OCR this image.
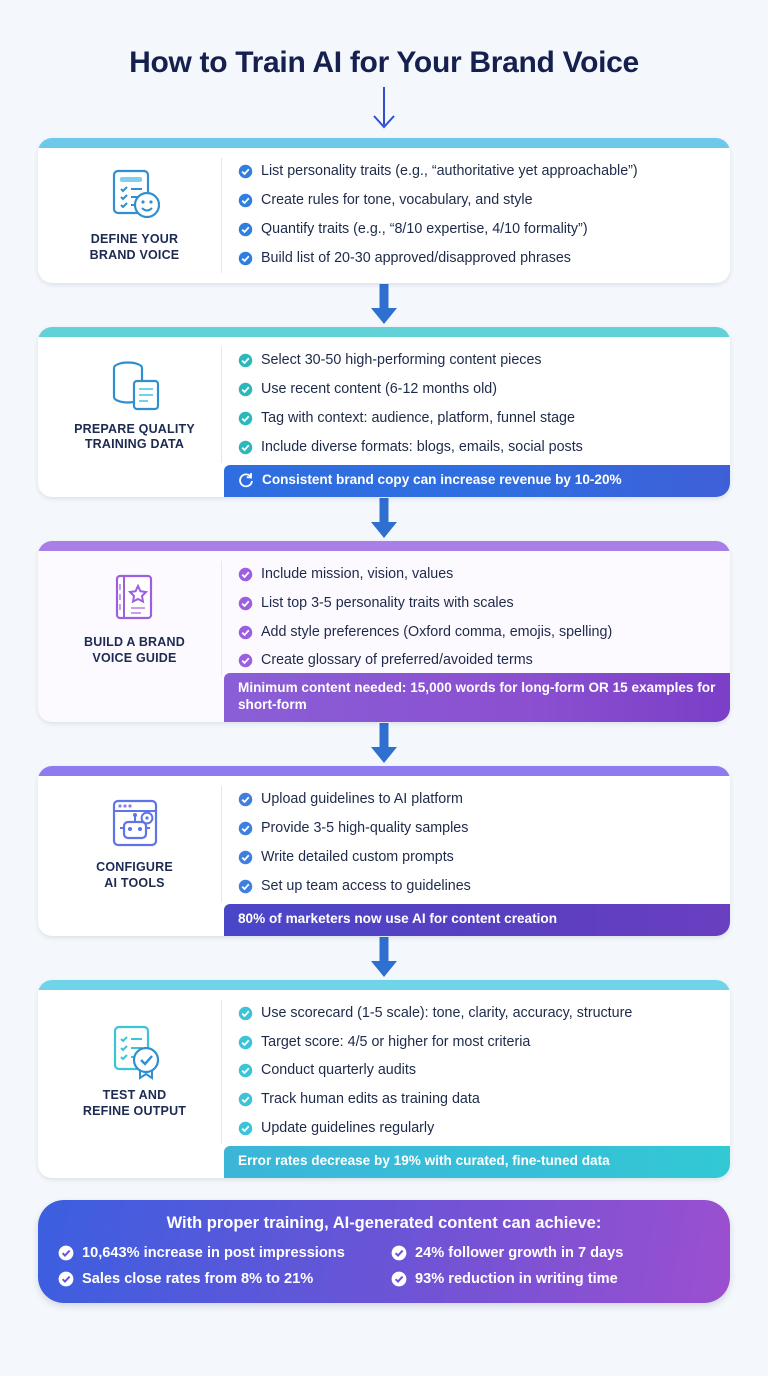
How to Train AI for Your Brand Voice
DEFINE YOUR
BRAND VOICE
List personality traits (e.g., “authoritative yet approachable”)
Create rules for tone, vocabulary, and style
Quantify traits (e.g., “8/10 expertise, 4/10 formality”)
Build list of 20-30 approved/disapproved phrases
PREPARE QUALITY
TRAINING DATA
Select 30-50 high-performing content pieces
Use recent content (6-12 months old)
Tag with context: audience, platform, funnel stage
Include diverse formats: blogs, emails, social posts
Consistent brand copy can increase revenue by 10-20%
BUILD A BRAND
VOICE GUIDE
Include mission, vision, values
List top 3-5 personality traits with scales
Add style preferences (Oxford comma, emojis, spelling)
Create glossary of preferred/avoided terms
Minimum content needed: 15,000 words for long-form OR 15 examples for short-form
CONFIGURE
AI TOOLS
Upload guidelines to AI platform
Provide 3-5 high-quality samples
Write detailed custom prompts
Set up team access to guidelines
80% of marketers now use AI for content creation
TEST AND
REFINE OUTPUT
Use scorecard (1-5 scale): tone, clarity, accuracy, structure
Target score: 4/5 or higher for most criteria
Conduct quarterly audits
Track human edits as training data
Update guidelines regularly
Error rates decrease by 19% with curated, fine-tuned data
With proper training, AI-generated content can achieve:
10,643% increase in post impressions	24% follower growth in 7 days
Sales close rates from 8% to 21%	93% reduction in writing time
